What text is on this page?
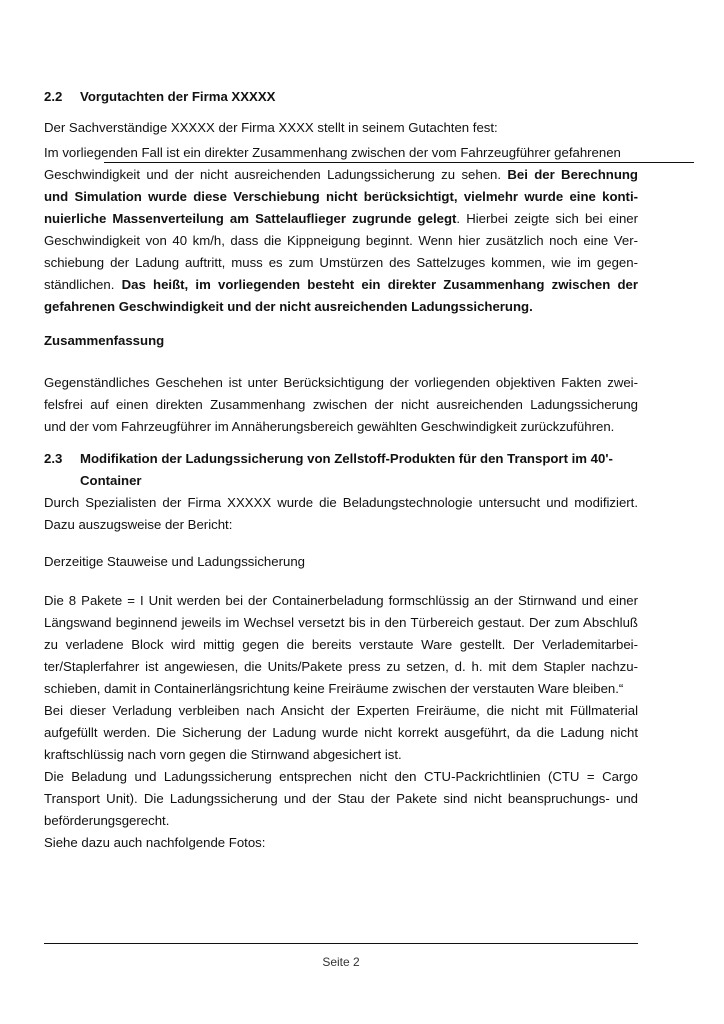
2.2 Vorgutachten der Firma XXXXX
Der Sachverständige XXXXX der Firma XXXX stellt in seinem Gutachten fest:
Im vorliegenden Fall ist ein direkter Zusammenhang zwischen der vom Fahrzeugführer gefahrenen
Geschwindigkeit und der nicht ausreichenden Ladungssicherung zu sehen. Bei der Berechnung
und Simulation wurde diese Verschiebung nicht berücksichtigt, vielmehr wurde eine konti-
nuierliche Massenverteilung am Sattelauflieger zugrunde gelegt. Hierbei zeigte sich bei einer
Geschwindigkeit von 40 km/h, dass die Kippneigung beginnt. Wenn hier zusätzlich noch eine Ver-
schiebung der Ladung auftritt, muss es zum Umstürzen des Sattelzuges kommen, wie im gegen-
ständlichen. Das heißt, im vorliegenden besteht ein direkter Zusammenhang zwischen der
gefahrenen Geschwindigkeit und der nicht ausreichenden Ladungssicherung.
Zusammenfassung
Gegenständliches Geschehen ist unter Berücksichtigung der vorliegenden objektiven Fakten zwei-
felsfrei auf einen direkten Zusammenhang zwischen der nicht ausreichenden Ladungssicherung
und der vom Fahrzeugführer im Annäherungsbereich gewählten Geschwindigkeit zurückzuführen.
2.3 Modifikation der Ladungssicherung von Zellstoff-Produkten für den Transport im 40'-
Container
Durch Spezialisten der Firma XXXXX wurde die Beladungstechnologie untersucht und modifiziert.
Dazu auszugsweise der Bericht:
Derzeitige Stauweise und Ladungssicherung
Die 8 Pakete = I Unit werden bei der Containerbeladung formschlüssig an der Stirnwand und einer
Längswand beginnend jeweils im Wechsel versetzt bis in den Türbereich gestaut. Der zum Abschluß
zu verladene Block wird mittig gegen die bereits verstaute Ware gestellt. Der Verlademitarbei-
ter/Staplerfahrer ist angewiesen, die Units/Pakete press zu setzen, d. h. mit dem Stapler nachzu-
schieben, damit in Containerlängsrichtung keine Freiräume zwischen der verstauten Ware bleiben.“
Bei dieser Verladung verbleiben nach Ansicht der Experten Freiräume, die nicht mit Füllmaterial
aufgefüllt werden. Die Sicherung der Ladung wurde nicht korrekt ausgeführt, da die Ladung nicht
kraftschlüssig nach vorn gegen die Stirnwand abgesichert ist.
Die Beladung und Ladungssicherung entsprechen nicht den CTU-Packrichtlinien (CTU = Cargo
Transport Unit). Die Ladungssicherung und der Stau der Pakete sind nicht beanspruchungs- und
beförderungsgerecht.
Siehe dazu auch nachfolgende Fotos:
Seite 2
